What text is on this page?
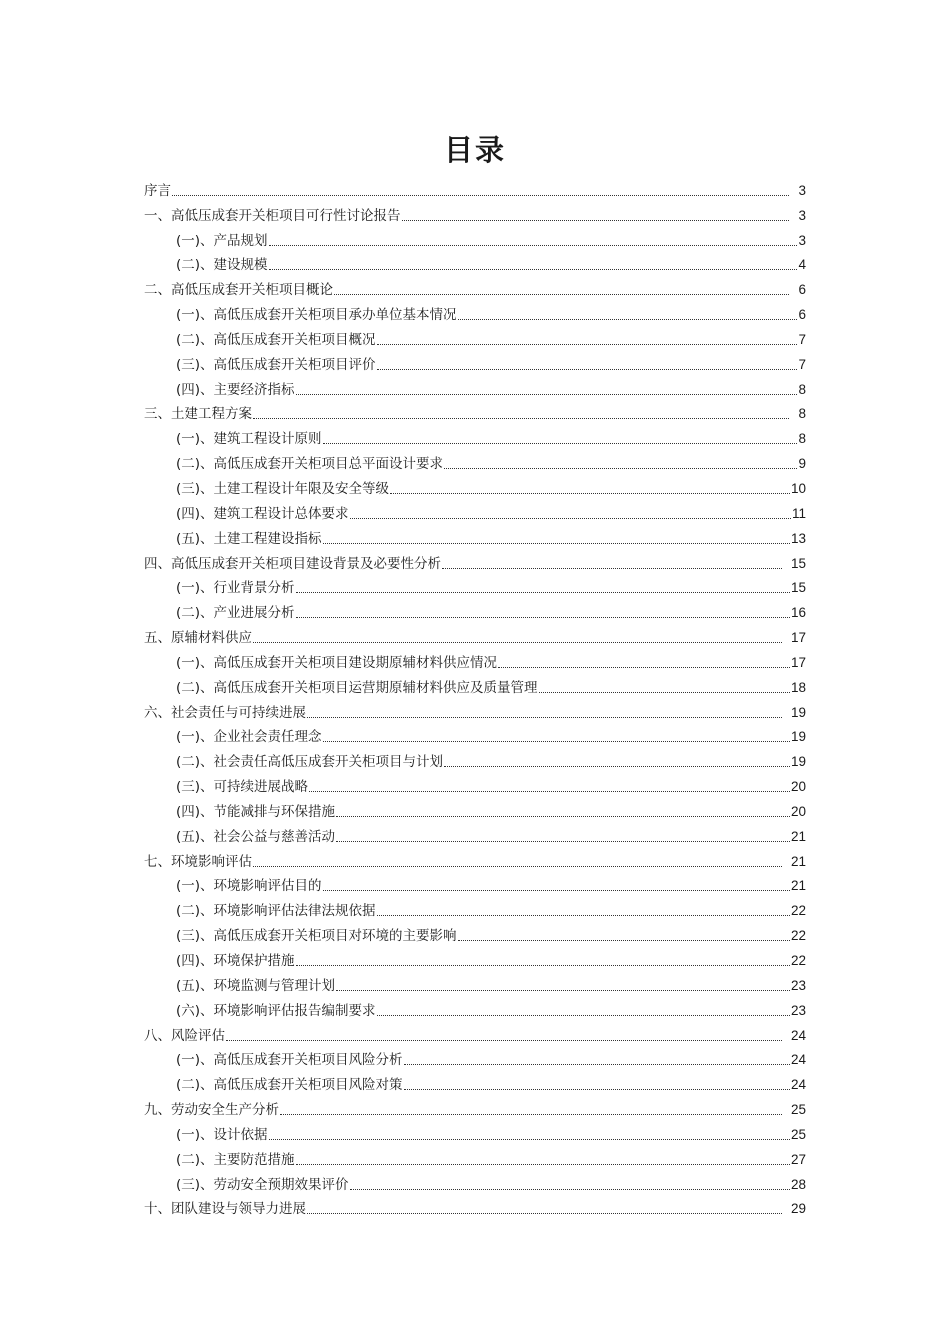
目录
序言	3
一、高低压成套开关柜项目可行性讨论报告	3
(一)、产品规划	3
(二)、建设规模	4
二、高低压成套开关柜项目概论	6
(一)、高低压成套开关柜项目承办单位基本情况	6
(二)、高低压成套开关柜项目概况	7
(三)、高低压成套开关柜项目评价	7
(四)、主要经济指标	8
三、土建工程方案	8
(一)、建筑工程设计原则	8
(二)、高低压成套开关柜项目总平面设计要求	9
(三)、土建工程设计年限及安全等级	10
(四)、建筑工程设计总体要求	11
(五)、土建工程建设指标	13
四、高低压成套开关柜项目建设背景及必要性分析	15
(一)、行业背景分析	15
(二)、产业进展分析	16
五、原辅材料供应	17
(一)、高低压成套开关柜项目建设期原辅材料供应情况	17
(二)、高低压成套开关柜项目运营期原辅材料供应及质量管理	18
六、社会责任与可持续进展	19
(一)、企业社会责任理念	19
(二)、社会责任高低压成套开关柜项目与计划	19
(三)、可持续进展战略	20
(四)、节能减排与环保措施	20
(五)、社会公益与慈善活动	21
七、环境影响评估	21
(一)、环境影响评估目的	21
(二)、环境影响评估法律法规依据	22
(三)、高低压成套开关柜项目对环境的主要影响	22
(四)、环境保护措施	22
(五)、环境监测与管理计划	23
(六)、环境影响评估报告编制要求	23
八、风险评估	24
(一)、高低压成套开关柜项目风险分析	24
(二)、高低压成套开关柜项目风险对策	24
九、劳动安全生产分析	25
(一)、设计依据	25
(二)、主要防范措施	27
(三)、劳动安全预期效果评价	28
十、团队建设与领导力进展	29
